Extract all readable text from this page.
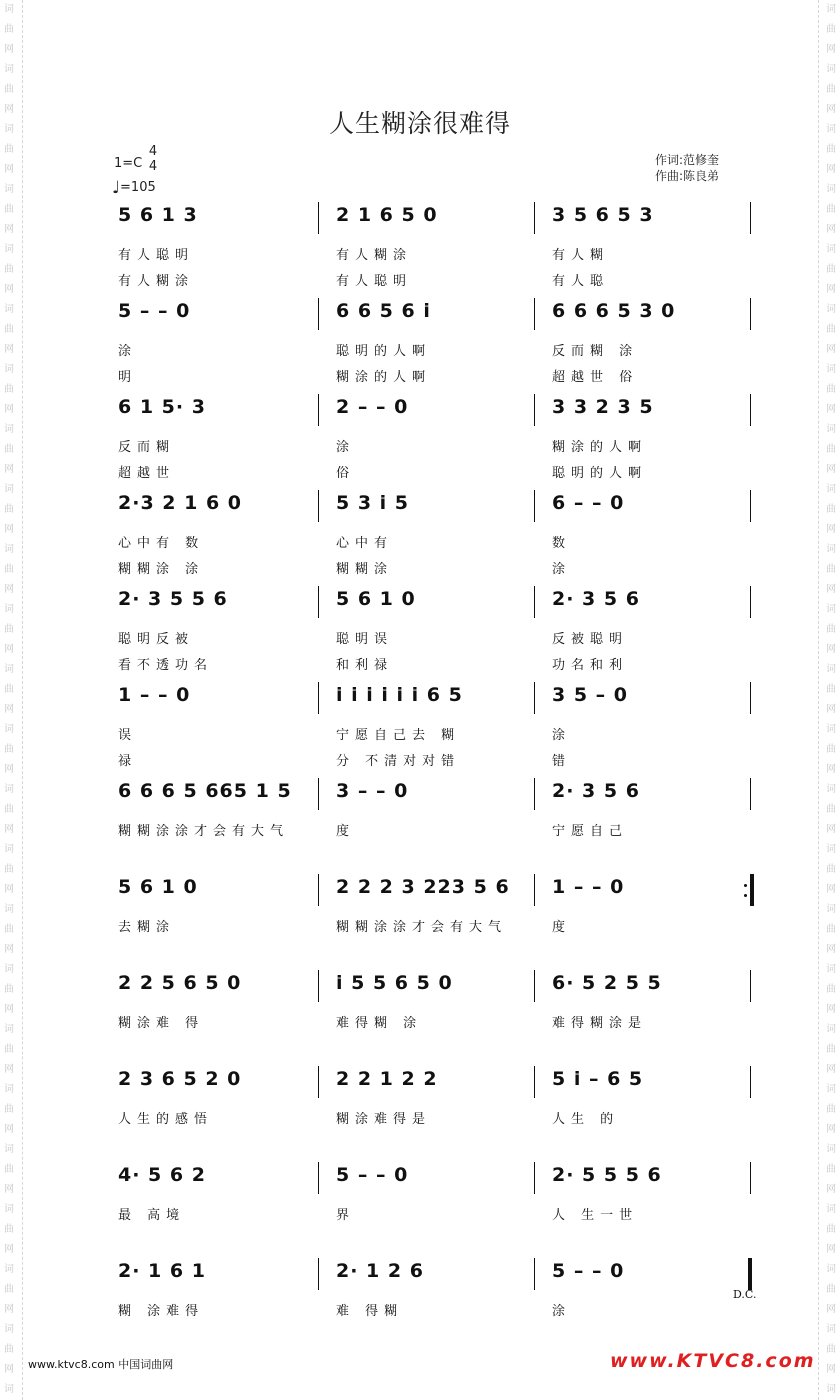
词
曲
网
词
曲
网
词
曲
网
词
曲
网
词
曲
网
词
曲
网
词
曲
网
词
曲
网
词
曲
网
词
曲
网
词
曲
网
词
曲
网
词
曲
网
词
曲
网
词
曲
网
词
曲
网
词
曲
网
词
曲
网
词
曲
网
词
曲
网
词
曲
网
词
曲
网
词
曲
网
词
词
曲
网
词
曲
网
词
曲
网
词
曲
网
词
曲
网
词
曲
网
词
曲
网
词
曲
网
词
曲
网
词
曲
网
词
曲
网
词
曲
网
词
曲
网
词
曲
网
词
曲
网
词
曲
网
词
曲
网
词
曲
网
词
曲
网
词
曲
网
词
曲
网
词
曲
网
词
曲
网
词
人生糊涂很难得
1=C
4
4
♩=105
作词:范修奎
作曲:陈良弟
5 6 1 3
有人聪明
有人糊涂
2 1 6 5 0
有人糊涂
有人聪明
3 5 6 5 3
有人糊
有人聪
5 – – 0
涂
明
6 6 5 6 i
聪明的人啊
糊涂的人啊
6 6 6 5 3 0
反而糊 涂
超越世 俗
6 1 5· 3
反而糊
超越世
2 – – 0
涂
俗
3 3 2 3 5
糊涂的人啊
聪明的人啊
2·3 2 1 6 0
心中有 数
糊糊涂 涂
5 3 i 5
心中有
糊糊涂
6 – – 0
数
涂
2· 3 5 5 6
聪明反被
看不透功名
5 6 1 0
聪明误
和利禄
2· 3 5 6
反被聪明
功名和利
1 – – 0
误
禄
i i i i i i 6 5
宁愿自己去 糊
分 不清对对错
3 5 – 0
涂
错
6 6 6 5 665 1 5
糊糊涂涂才会有大气
3 – – 0
度
2· 3 5 6
宁愿自己
5 6 1 0
去糊涂
2 2 2 3 223 5 6
糊糊涂涂才会有大气
1 – – 0
度
2 2 5 6 5 0
糊涂难 得
i 5 5 6 5 0
难得糊 涂
6· 5 2 5 5
难得糊涂是
2 3 6 5 2 0
人生的感悟
2 2 1 2 2
糊涂难得是
5 i – 6 5
人生 的
4· 5 6 2
最 高境
5 – – 0
界
2· 5 5 5 6
人 生一世
2· 1 6 1
糊 涂难得
2· 1 2 6
难 得糊
5 – – 0
涂
D.C.
www.ktvc8.com 中国词曲网	www.KTVC8.com
